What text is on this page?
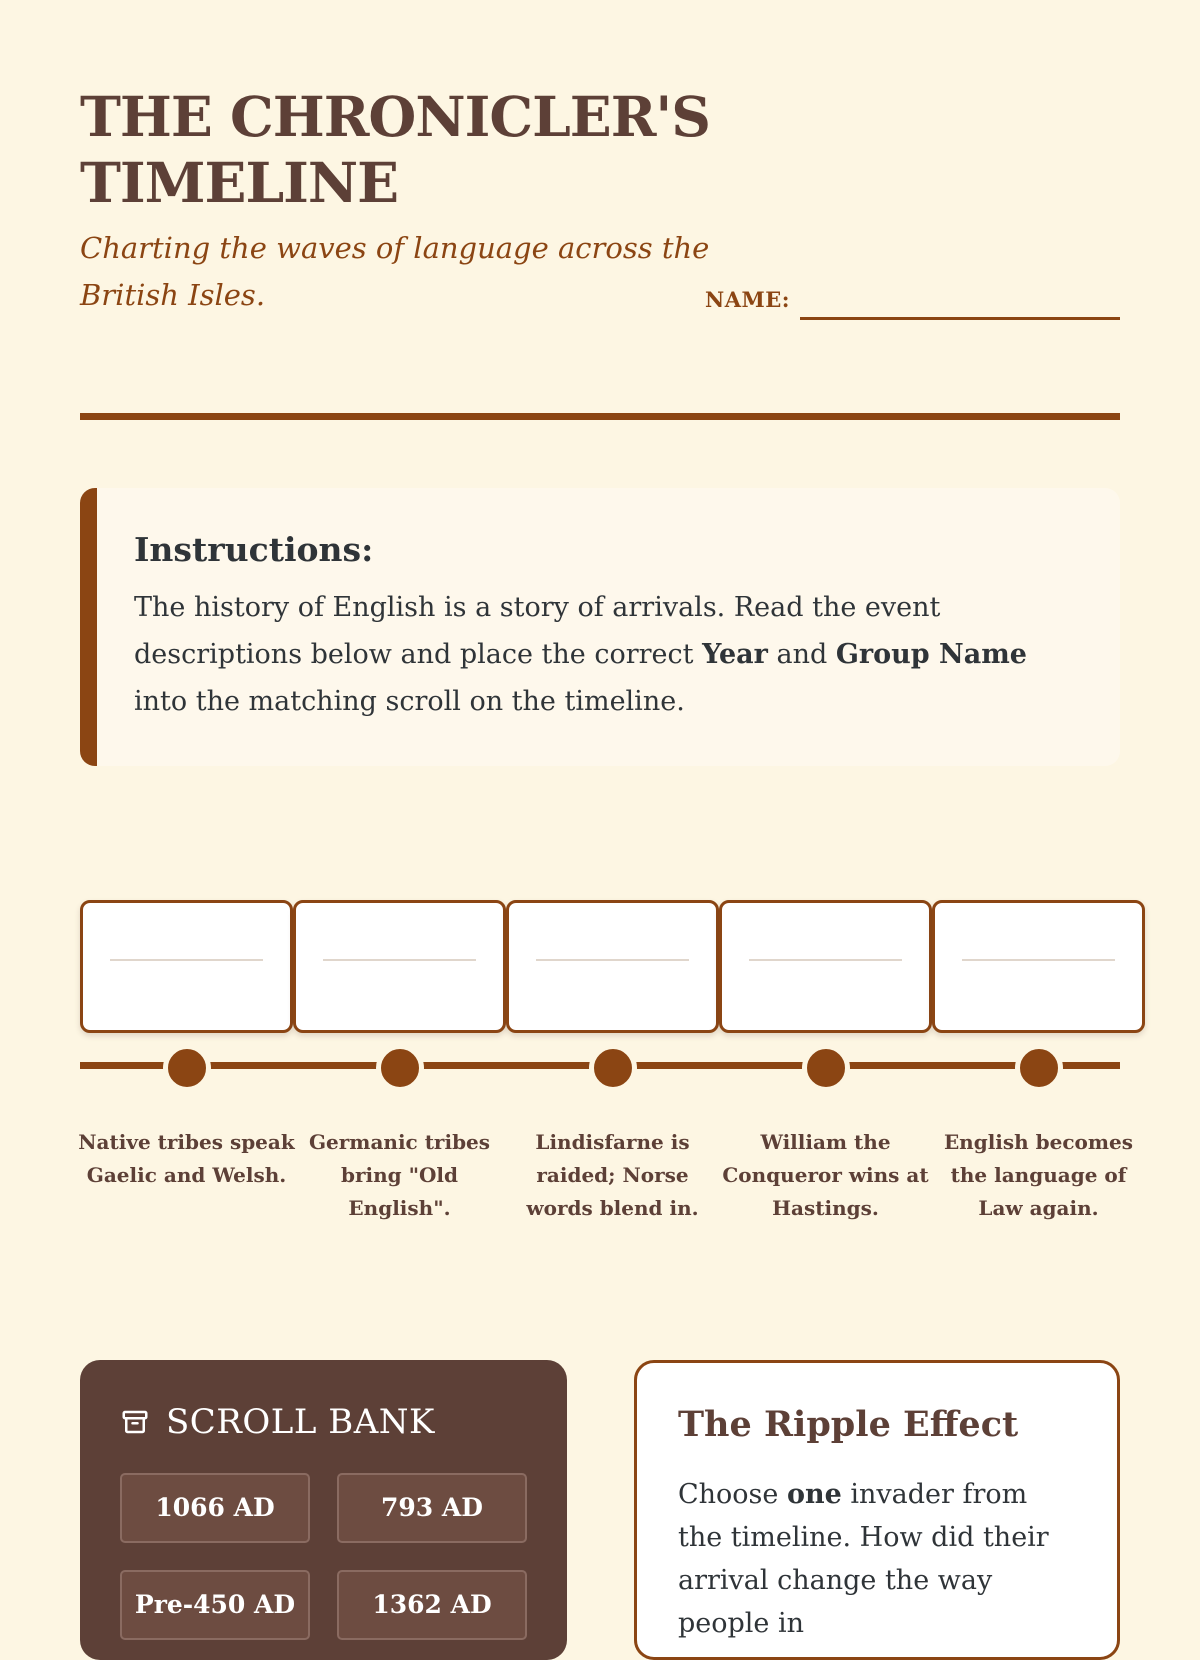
THE CHRONICLER'S TIMELINE

Charting the waves of language across the British Isles.	NAME:
Instructions:

The history of English is a story of arrivals. Read the event descriptions below and place the correct Year and Group Name into the matching scroll on the timeline.

Native tribes speak Gaelic and Welsh.

Germanic tribes bring "Old English".

Lindisfarne is raided; Norse words blend in.

William the Conqueror wins at Hastings.

English becomes the language of Law again.

SCROLL BANK
1066 AD	793 AD
Pre-450 AD	1362 AD
The Ripple Effect

Choose one invader from the timeline. How did their arrival change the way people in
